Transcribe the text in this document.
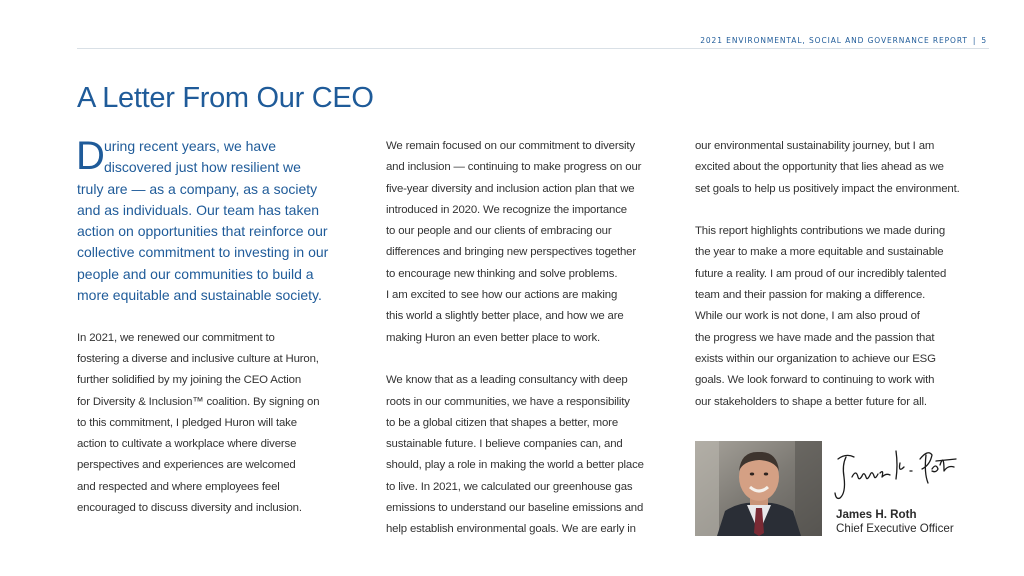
2021 ENVIRONMENTAL, SOCIAL AND GOVERNANCE REPORT | 5
A Letter From Our CEO
D uring recent years, we have
discovered just how resilient we
truly are — as a company, as a society
and as individuals. Our team has taken
action on opportunities that reinforce our
collective commitment to investing in our
people and our communities to build a
more equitable and sustainable society.
In 2021, we renewed our commitment to
fostering a diverse and inclusive culture at Huron,
further solidified by my joining the CEO Action
for Diversity & Inclusion™ coalition. By signing on
to this commitment, I pledged Huron will take
action to cultivate a workplace where diverse
perspectives and experiences are welcomed
and respected and where employees feel
encouraged to discuss diversity and inclusion.
We remain focused on our commitment to diversity
and inclusion — continuing to make progress on our
five-year diversity and inclusion action plan that we
introduced in 2020. We recognize the importance
to our people and our clients of embracing our
differences and bringing new perspectives together
to encourage new thinking and solve problems.
I am excited to see how our actions are making
this world a slightly better place, and how we are
making Huron an even better place to work.
We know that as a leading consultancy with deep
roots in our communities, we have a responsibility
to be a global citizen that shapes a better, more
sustainable future. I believe companies can, and
should, play a role in making the world a better place
to live. In 2021, we calculated our greenhouse gas
emissions to understand our baseline emissions and
help establish environmental goals. We are early in
our environmental sustainability journey, but I am
excited about the opportunity that lies ahead as we
set goals to help us positively impact the environment.
This report highlights contributions we made during
the year to make a more equitable and sustainable
future a reality. I am proud of our incredibly talented
team and their passion for making a difference.
While our work is not done, I am also proud of
the progress we have made and the passion that
exists within our organization to achieve our ESG
goals. We look forward to continuing to work with
our stakeholders to shape a better future for all.
James H. Roth
Chief Executive Officer
